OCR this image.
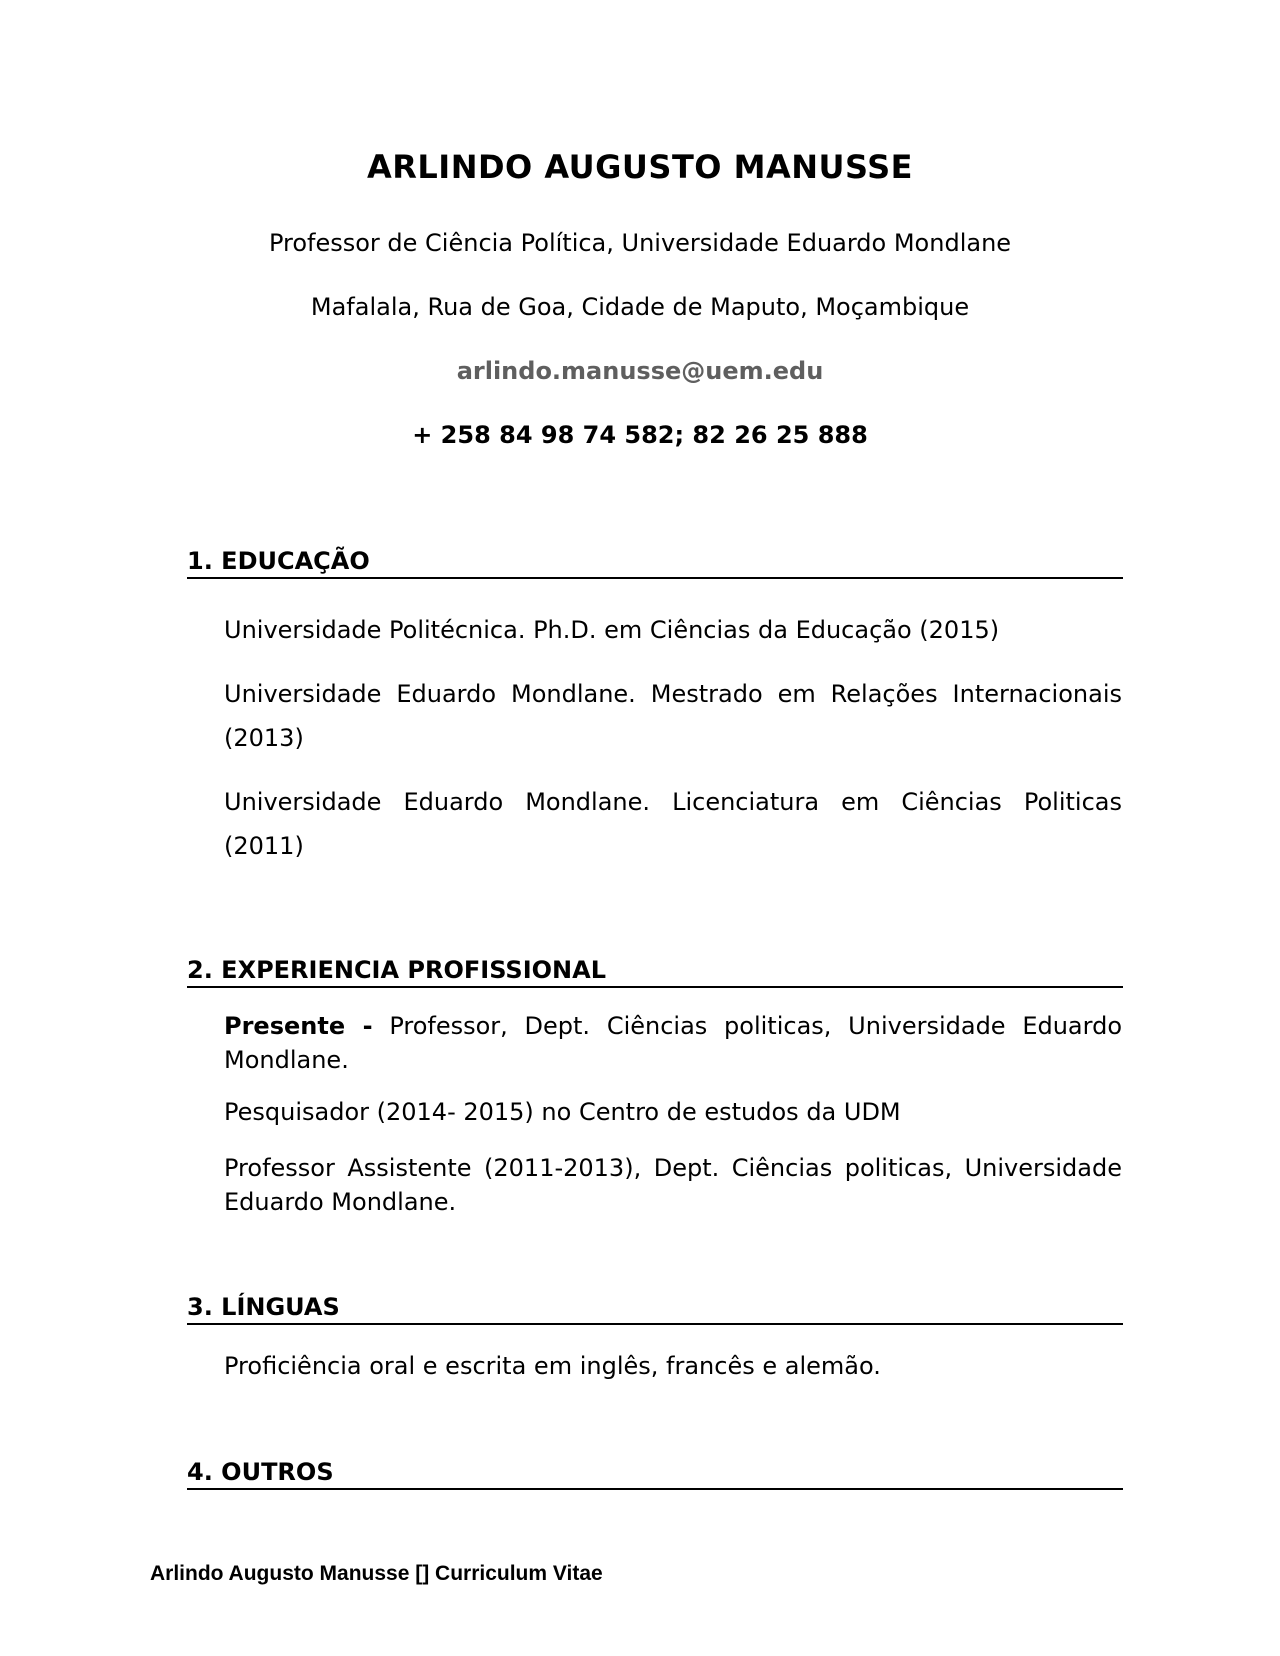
ARLINDO AUGUSTO MANUSSE
Professor de Ciência Política, Universidade Eduardo Mondlane
Mafalala, Rua de Goa, Cidade de Maputo, Moçambique
arlindo.manusse@uem.edu
+ 258 84 98 74 582; 82 26 25 888
1. EDUCAÇÃO
Universidade Politécnica. Ph.D. em Ciências da Educação (2015)
Universidade Eduardo Mondlane. Mestrado em Relações Internacionais (2013)
Universidade Eduardo Mondlane. Licenciatura em Ciências Politicas (2011)
2. EXPERIENCIA PROFISSIONAL
Presente - Professor, Dept. Ciências politicas, Universidade Eduardo Mondlane.
Pesquisador (2014- 2015) no Centro de estudos da UDM
Professor Assistente (2011-2013), Dept. Ciências politicas, Universidade Eduardo Mondlane.
3. LÍNGUAS
Proficiência oral e escrita em inglês, francês e alemão.
4. OUTROS
Arlindo Augusto Manusse [] Curriculum Vitae
